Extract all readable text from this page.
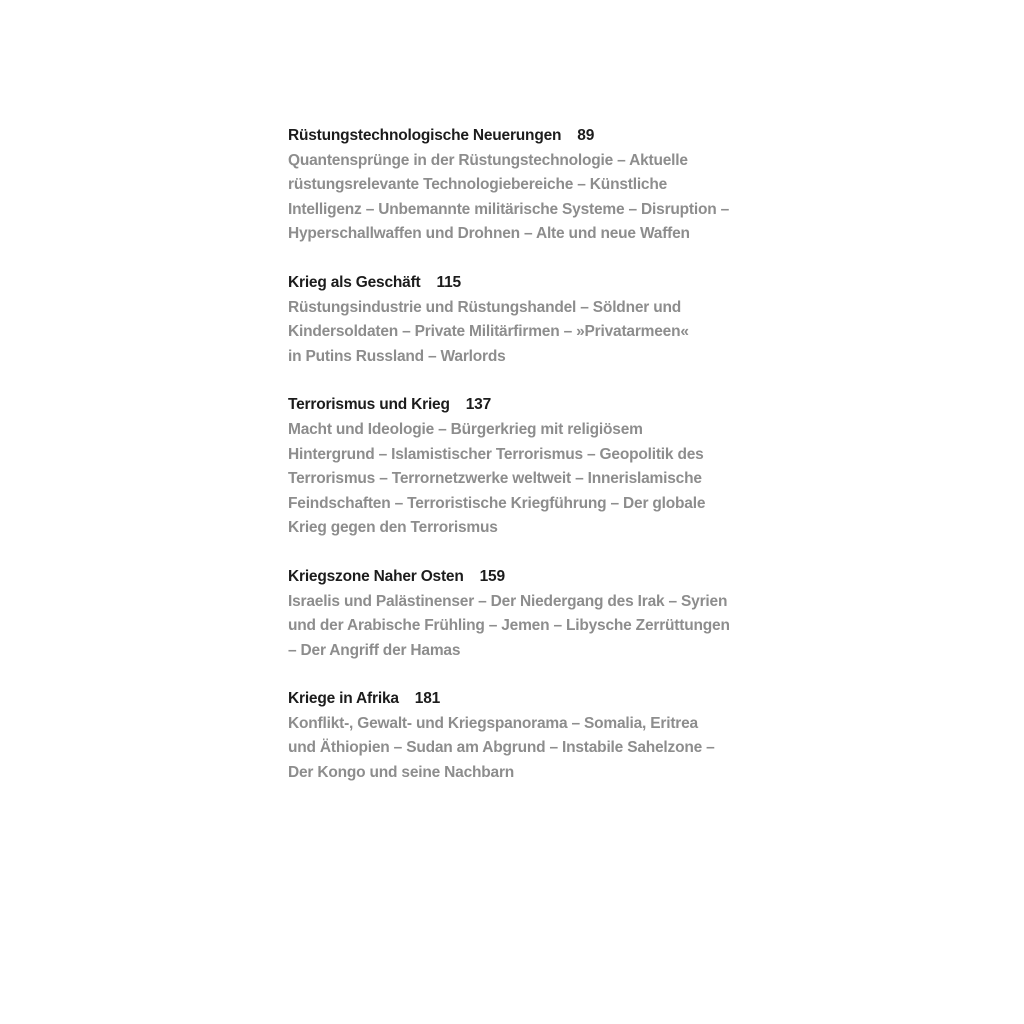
Rüstungstechnologische Neuerungen 89
Quantensprünge in der Rüstungstechnologie – Aktuelle
rüstungsrelevante Technologiebereiche – Künstliche
Intelligenz – Unbemannte militärische Systeme – Disruption –
Hyperschallwaffen und Drohnen – Alte und neue Waffen
Krieg als Geschäft 115
Rüstungsindustrie und Rüstungshandel – Söldner und
Kindersoldaten – Private Militärfirmen – »Privatarmeen«
in Putins Russland – Warlords
Terrorismus und Krieg 137
Macht und Ideologie – Bürgerkrieg mit religiösem
Hintergrund – Islamistischer Terrorismus – Geopolitik des
Terrorismus – Terrornetzwerke weltweit – Innerislamische
Feindschaften – Terroristische Kriegführung – Der globale
Krieg gegen den Terrorismus
Kriegszone Naher Osten 159
Israelis und Palästinenser – Der Niedergang des Irak – Syrien
und der Arabische Frühling – Jemen – Libysche Zerrüttungen
– Der Angriff der Hamas
Kriege in Afrika 181
Konflikt-, Gewalt- und Kriegspanorama – Somalia, Eritrea
und Äthiopien – Sudan am Abgrund – Instabile Sahelzone –
Der Kongo und seine Nachbarn
